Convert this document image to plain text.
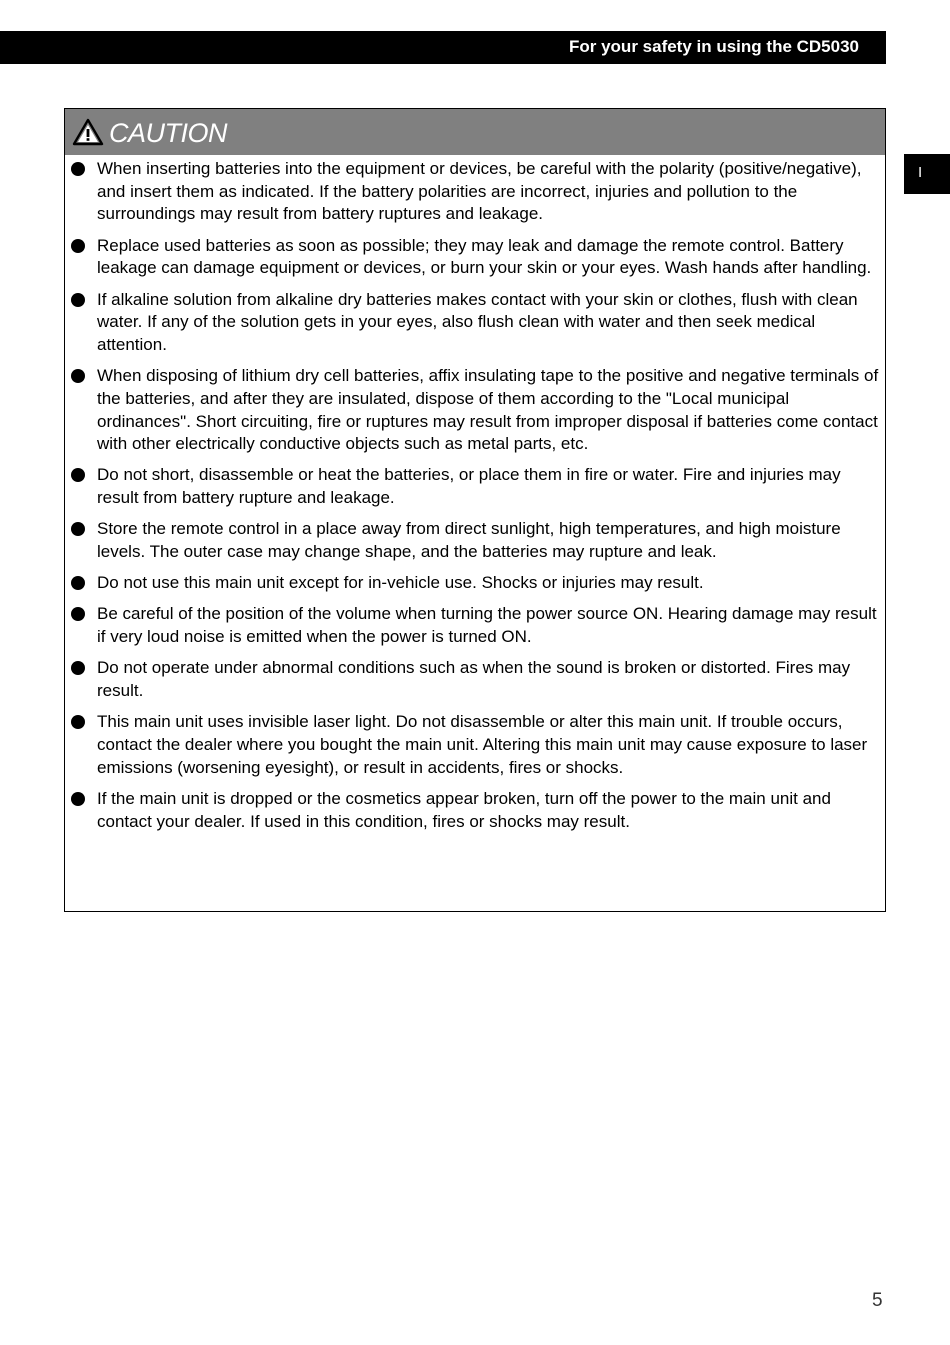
For your safety in using the CD5030
I
CAUTION
When inserting batteries into the equipment or devices, be careful with the polarity (positive/negative), and insert them as indicated. If the battery polarities are incorrect, injuries and pollution to the surroundings may result from battery ruptures and leakage.
Replace used batteries as soon as possible; they may leak and damage the remote control. Battery leakage can damage equipment or devices, or burn your skin or your eyes. Wash hands after handling.
If alkaline solution from alkaline dry batteries makes contact with your skin or clothes, flush with clean water. If any of the solution gets in your eyes, also flush clean with water and then seek medical attention.
When disposing of lithium dry cell batteries, affix insulating tape to the positive and negative terminals of the batteries, and after they are insulated, dispose of them according to the "Local municipal ordinances". Short circuiting, fire or ruptures may result from improper disposal if batteries come contact with other electrically conductive objects such as metal parts, etc.
Do not short, disassemble or heat the batteries, or place them in fire or water. Fire and injuries may result from battery rupture and leakage.
Store the remote control in a place away from direct sunlight, high temperatures, and high moisture levels. The outer case may change shape, and the batteries may rupture and leak.
Do not use this main unit except for in-vehicle use. Shocks or injuries may result.
Be careful of the position of the volume when turning the power source ON. Hearing damage may result if very loud noise is emitted when the power is turned ON.
Do not operate under abnormal conditions such as when the sound is broken or distorted. Fires may result.
This main unit uses invisible laser light. Do not disassemble or alter this main unit. If trouble occurs, contact the dealer where you bought the main unit. Altering this main unit may cause exposure to laser emissions (worsening eyesight), or result in accidents, fires or shocks.
If the main unit is dropped or the cosmetics appear broken, turn off the power to the main unit and contact your dealer. If used in this condition, fires or shocks may result.
5
